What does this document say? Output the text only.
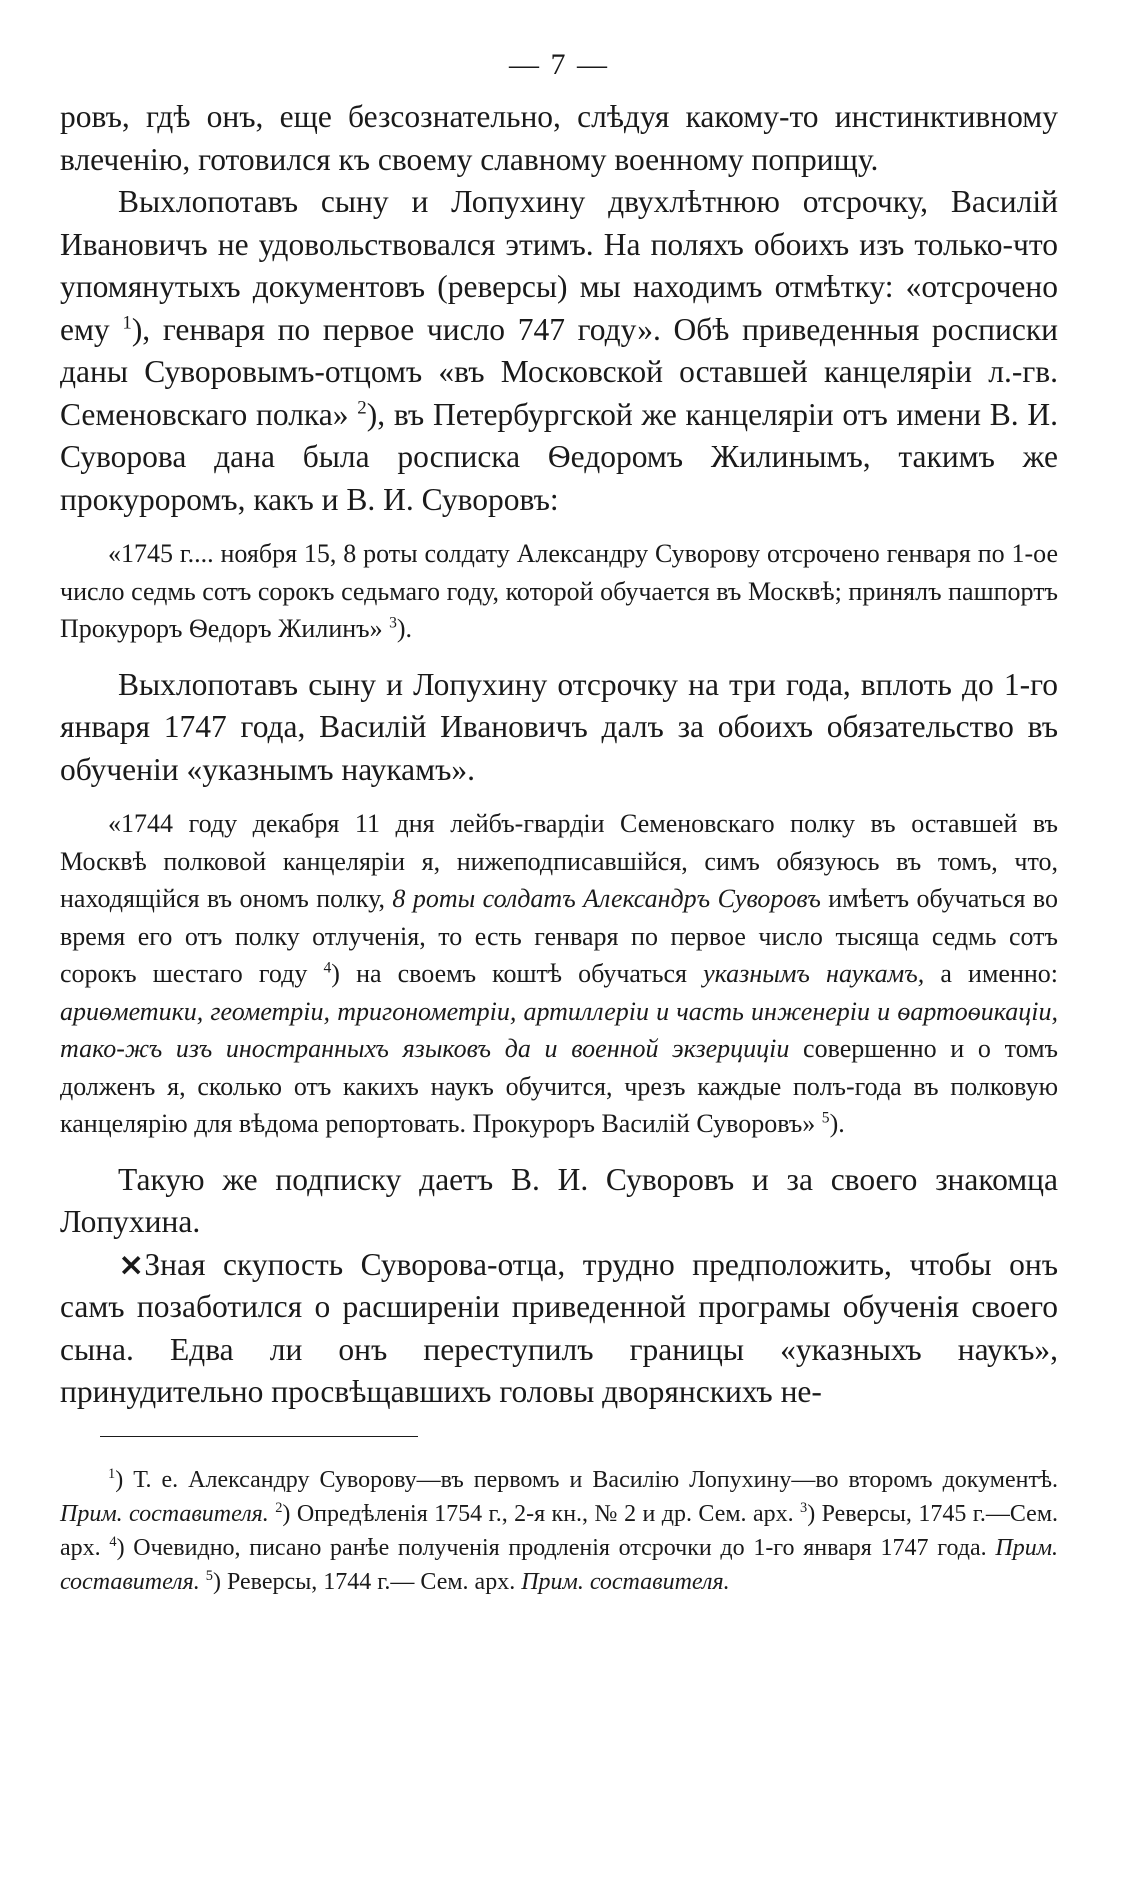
— 7 —

ровъ, гдѣ онъ, еще безсознательно, слѣдуя какому-то инстинктивному влеченію, готовился къ своему славному военному поприщу.

Выхлопотавъ сыну и Лопухину двухлѣтнюю отсрочку, Василій Ивановичъ не удовольствовался этимъ. На поляхъ обоихъ изъ только-что упомянутыхъ документовъ (реверсы) мы находимъ отмѣтку: «отсрочено ему $^1$), генваря по первое число 747 году». Обѣ приведенныя росписки даны Суворовымъ-отцомъ «въ Московской оставшей канцеляріи л.-гв. Семеновскаго полка» $^2$), въ Петербургской же канцеляріи отъ имени В. И. Суворова дана была росписка Ѳедоромъ Жилинымъ, такимъ же прокуроромъ, какъ и В. И. Суворовъ:

«1745 г.... ноября 15, 8 роты солдату Александру Суворову отсрочено генваря по 1-ое число седмь сотъ сорокъ седьмаго году, которой обучается въ Москвѣ; принялъ пашпортъ Прокуроръ Ѳедоръ Жилинъ» $^3$).

Выхлопотавъ сыну и Лопухину отсрочку на три года, вплоть до 1-го января 1747 года, Василій Ивановичъ далъ за обоихъ обязательство въ обученіи «указнымъ наукамъ».

«1744 году декабря 11 дня лейбъ-гвардіи Семеновскаго полку въ оставшей въ Москвѣ полковой канцеляріи я, нижеподписавшійся, симъ обязуюсь въ томъ, что, находящійся въ ономъ полку, 8 роты солдатъ Александръ Суворовъ имѣетъ обучаться во время его отъ полку отлученія, то есть генваря по первое число тысяща седмь сотъ сорокъ шестаго году $^4$) на своемъ коштѣ обучаться указнымъ наукамъ, а именно: ариѳметики, геометріи, тригонометріи, артиллеріи и часть инженеріи и ѳартоѳикаціи, тако-жъ изъ иностранныхъ языковъ да и военной экзерциціи совершенно и о томъ долженъ я, сколько отъ какихъ наукъ обучится, чрезъ каждые полъ-года въ полковую канцелярію для вѣдома репортовать. Прокуроръ Василій Суворовъ» $^5$).

Такую же подписку даетъ В. И. Суворовъ и за своего знакомца Лопухина.

×Зная скупость Суворова-отца, трудно предположить, чтобы онъ самъ позаботился о расширеніи приведенной програмы обученія своего сына. Едва ли онъ переступилъ границы «указныхъ наукъ», принудительно просвѣщавшихъ головы дворянскихъ не-

$^1$) Т. е. Александру Суворову—въ первомъ и Василію Лопухину—во второмъ документѣ. Прим. составителя. $^2$) Опредѣленія 1754 г., 2-я кн., № 2 и др. Сем. арх. $^3$) Реверсы, 1745 г.—Сем. арх. $^4$) Очевидно, писано ранѣе полученія продленія отсрочки до 1-го января 1747 года. Прим. составителя. $^5$) Реверсы, 1744 г.— Сем. арх. Прим. составителя.
